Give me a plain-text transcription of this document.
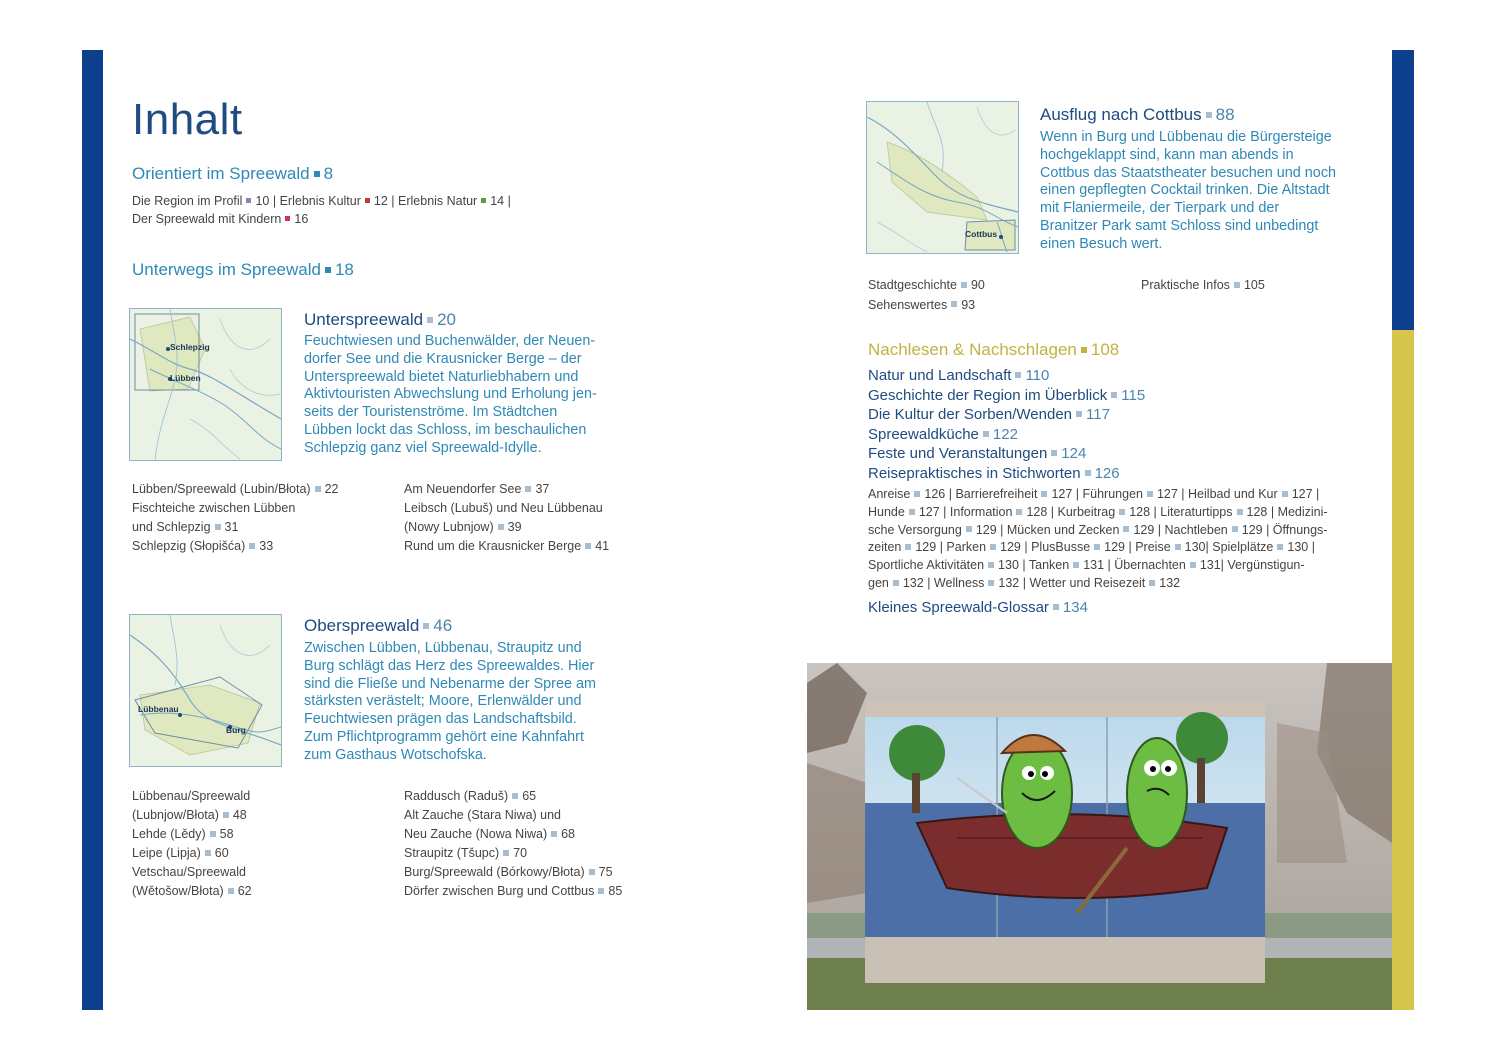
Inhalt
Orientiert im Spreewald 8
Die Region im Profil 10 | Erlebnis Kultur 12 | Erlebnis Natur 14 |
Der Spreewald mit Kindern 16
Unterwegs im Spreewald 18
Schlepzig
Lübben
Unterspreewald 20
Feuchtwiesen und Buchenwälder, der Neuen-
dorfer See und die Krausnicker Berge – der
Unterspreewald bietet Naturliebhabern und
Aktivtouristen Abwechslung und Erholung jen-
seits der Touristenströme. Im Städtchen
Lübben lockt das Schloss, im beschaulichen
Schlepzig ganz viel Spreewald-Idylle.
Lübben/Spreewald (Lubin/Błota) 22
Fischteiche zwischen Lübben
und Schlepzig 31
Schlepzig (Słopišća) 33
Am Neuendorfer See 37
Leibsch (Lubuš) und Neu Lübbenau
(Nowy Lubnjow) 39
Rund um die Krausnicker Berge 41
Lübbenau
Burg
Oberspreewald 46
Zwischen Lübben, Lübbenau, Straupitz und
Burg schlägt das Herz des Spreewaldes. Hier
sind die Fließe und Nebenarme der Spree am
stärksten verästelt; Moore, Erlenwälder und
Feuchtwiesen prägen das Landschaftsbild.
Zum Pflichtprogramm gehört eine Kahnfahrt
zum Gasthaus Wotschofska.
Lübbenau/Spreewald
(Lubnjow/Błota) 48
Lehde (Lědy) 58
Leipe (Lipja) 60
Vetschau/Spreewald
(Wětošow/Błota) 62
Raddusch (Raduš) 65
Alt Zauche (Stara Niwa) und
Neu Zauche (Nowa Niwa) 68
Straupitz (Tšupc) 70
Burg/Spreewald (Bórkowy/Błota) 75
Dörfer zwischen Burg und Cottbus 85
Cottbus
Ausflug nach Cottbus 88
Wenn in Burg und Lübbenau die Bürgersteige
hochgeklappt sind, kann man abends in
Cottbus das Staatstheater besuchen und noch
einen gepflegten Cocktail trinken. Die Altstadt
mit Flaniermeile, der Tierpark und der
Branitzer Park samt Schloss sind unbedingt
einen Besuch wert.
Stadtgeschichte 90
Sehenswertes 93
Praktische Infos 105
Nachlesen & Nachschlagen 108
Natur und Landschaft 110
Geschichte der Region im Überblick 115
Die Kultur der Sorben/Wenden 117
Spreewaldküche 122
Feste und Veranstaltungen 124
Reisepraktisches in Stichworten 126
Anreise 126 | Barrierefreiheit 127 | Führungen 127 | Heilbad und Kur 127 |
Hunde 127 | Information 128 | Kurbeitrag 128 | Literaturtipps 128 | Medizini-
sche Versorgung 129 | Mücken und Zecken 129 | Nachtleben 129 | Öffnungs-
zeiten 129 | Parken 129 | PlusBusse 129 | Preise 130| Spielplätze 130 |
Sportliche Aktivitäten 130 | Tanken 131 | Übernachten 131| Vergünstigun-
gen 132 | Wellness 132 | Wetter und Reisezeit 132
Kleines Spreewald-Glossar 134
